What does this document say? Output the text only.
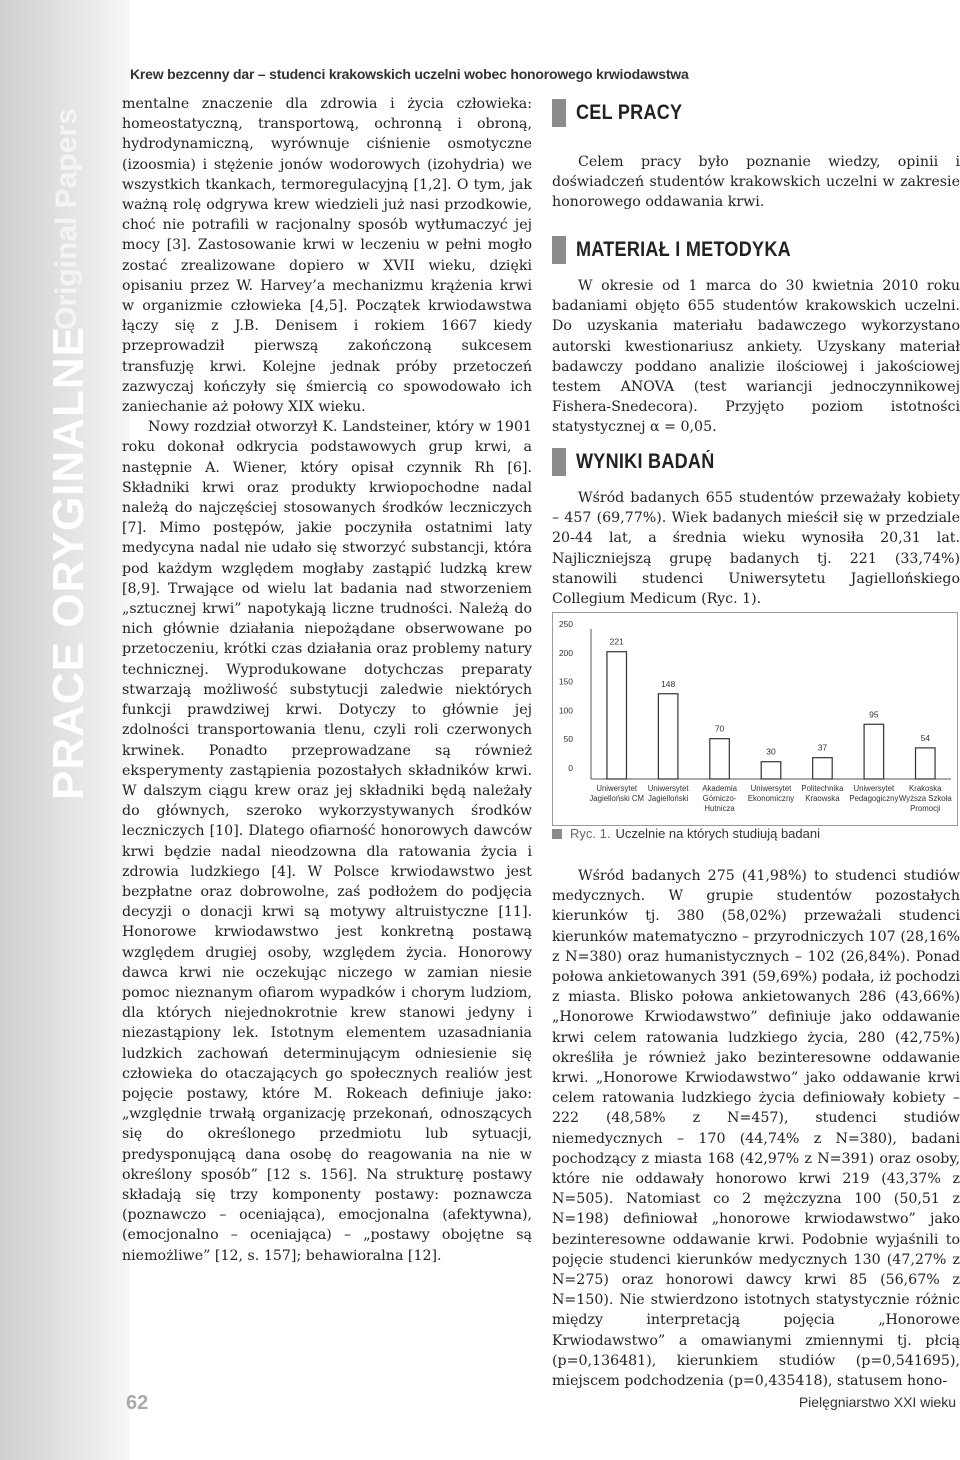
PRACE ORYGINALNE
Original Papers
Krew bezcenny dar – studenci krakowskich uczelni wobec honorowego krwiodawstwa

mentalne znaczenie dla zdrowia i życia człowieka: homeostatyczną, transportową, ochronną i obroną, hydrodynamiczną, wyrównuje ciśnienie osmotyczne (izoosmia) i stężenie jonów wodorowych (izohydria) we wszystkich tkankach, termoregulacyjną [1,2]. O tym, jak ważną rolę odgrywa krew wiedzieli już nasi przodkowie, choć nie potrafili w racjonalny sposób wytłumaczyć jej mocy [3]. Zastosowanie krwi w leczeniu w pełni mogło zostać zrealizowane dopiero w XVII wieku, dzięki opisaniu przez W. Harvey’a mechanizmu krążenia krwi w organizmie człowieka [4,5]. Początek krwiodawstwa łączy się z J.B. Denisem i rokiem 1667 kiedy przeprowadził pierwszą zakończoną sukcesem transfuzję krwi. Kolejne jednak próby przetoczeń zazwyczaj kończyły się śmiercią co spowodowało ich zaniechanie aż połowy XIX wieku.

Nowy rozdział otworzył K. Landsteiner, który w 1901 roku dokonał odkrycia podstawowych grup krwi, a następnie A. Wiener, który opisał czynnik Rh [6]. Składniki krwi oraz produkty krwiopochodne nadal należą do najczęściej stosowanych środków leczniczych [7]. Mimo postępów, jakie poczyniła ostatnimi laty medycyna nadal nie udało się stworzyć substancji, która pod każdym względem mogłaby zastąpić ludzką krew [8,9]. Trwające od wielu lat badania nad stworzeniem „sztucznej krwi” napotykają liczne trudności. Należą do nich głównie działania niepożądane obserwowane po przetoczeniu, krótki czas działania oraz problemy natury technicznej. Wyprodukowane dotychczas preparaty stwarzają możliwość substytucji zaledwie niektórych funkcji prawdziwej krwi. Dotyczy to głównie jej zdolności transportowania tlenu, czyli roli czerwonych krwinek. Ponadto przeprowadzane są również eksperymenty zastąpienia pozostałych składników krwi. W dalszym ciągu krew oraz jej składniki będą należały do głównych, szeroko wykorzystywanych środków leczniczych [10]. Dlatego ofiarność honorowych dawców krwi będzie nadal nieodzowna dla ratowania życia i zdrowia ludzkiego [4]. W Polsce krwiodawstwo jest bezpłatne oraz dobrowolne, zaś podłożem do podjęcia decyzji o donacji krwi są motywy altruistyczne [11]. Honorowe krwiodawstwo jest konkretną postawą względem drugiej osoby, względem życia. Honorowy dawca krwi nie oczekując niczego w zamian niesie pomoc nieznanym ofiarom wypadków i chorym ludziom, dla których niejednokrotnie krew stanowi jedyny i niezastąpiony lek. Istotnym elementem uzasadniania ludzkich zachowań determinującym odniesienie się człowieka do otaczających go społecznych realiów jest pojęcie postawy, które M. Rokeach definiuje jako: „względnie trwałą organizację przekonań, odnoszących się do określonego przedmiotu lub sytuacji, predysponującą dana osobę do reagowania na nie w określony sposób” [12 s. 156]. Na strukturę postawy składają się trzy komponenty postawy: poznawcza (poznawczo – oceniająca), emocjonalna (afektywna), (emocjonalno – oceniająca) – „postawy obojętne są niemożliwe” [12, s. 157]; behawioralna [12].

CEL PRACY

Celem pracy było poznanie wiedzy, opinii i doświadczeń studentów krakowskich uczelni w zakresie honorowego oddawania krwi.

MATERIAŁ I METODYKA

W okresie od 1 marca do 30 kwietnia 2010 roku badaniami objęto 655 studentów krakowskich uczelni. Do uzyskania materiału badawczego wykorzystano autorski kwestionariusz ankiety. Uzyskany materiał badawczy poddano analizie ilościowej i jakościowej testem ANOVA (test wariancji jednoczynnikowej Fishera-Snedecora). Przyjęto poziom istotności statystycznej α = 0,05.

WYNIKI BADAŃ

Wśród badanych 655 studentów przeważały kobiety – 457 (69,77%). Wiek badanych mieścił się w przedziale 20-44 lat, a średnia wieku wynosiła 20,31 lat. Najliczniejszą grupę badanych tj. 221 (33,74%) stanowili studenci Uniwersytetu Jagiellońskiego Collegium Medicum (Ryc. 1).

0
50
100
150
200
250
221
Uniwersytet
Jagielloński CM
148
Uniwersytet
Jagielloński
70
Akademia
Górniczo-
Hutnicza
30
Uniwersytet
Ekonomiczny
37
Politechnika
Kraowska
95
Uniwersytet
Pedagogiczny
54
Krakoska
Wyższa Szkoła
Promocji
Ryc. 1. Uczelnie na których studiują badani

Wśród badanych 275 (41,98%) to studenci studiów medycznych. W grupie studentów pozostałych kierunków tj. 380 (58,02%) przeważali studenci kierunków matematyczno – przyrodniczych 107 (28,16% z N=380) oraz humanistycznych – 102 (26,84%). Ponad połowa ankietowanych 391 (59,69%) podała, iż pochodzi z miasta. Blisko połowa ankietowanych 286 (43,66%) „Honorowe Krwiodawstwo” definiuje jako oddawanie krwi celem ratowania ludzkiego życia, 280 (42,75%) określiła je również jako bezinteresowne oddawanie krwi. „Honorowe Krwiodawstwo” jako oddawanie krwi celem ratowania ludzkiego życia definiowały kobiety – 222 (48,58% z N=457), studenci studiów niemedycznych – 170 (44,74% z N=380), badani pochodzący z miasta 168 (42,97% z N=391) oraz osoby, które nie oddawały honorowo krwi 219 (43,37% z N=505). Natomiast co 2 mężczyzna 100 (50,51 z N=198) definiował „honorowe krwiodawstwo” jako bezinteresowne oddawanie krwi. Podobnie wyjaśnili to pojęcie studenci kierunków medycznych 130 (47,27% z N=275) oraz honorowi dawcy krwi 85 (56,67% z N=150). Nie stwierdzono istotnych statystycznie różnic między interpretacją pojęcia „Honorowe Krwiodawstwo” a omawianymi zmiennymi tj. płcią (p=0,136481), kierunkiem studiów (p=0,541695), miejscem podchodzenia (p=0,435418), statusem hono-

62	Pielęgniarstwo XXI wieku
